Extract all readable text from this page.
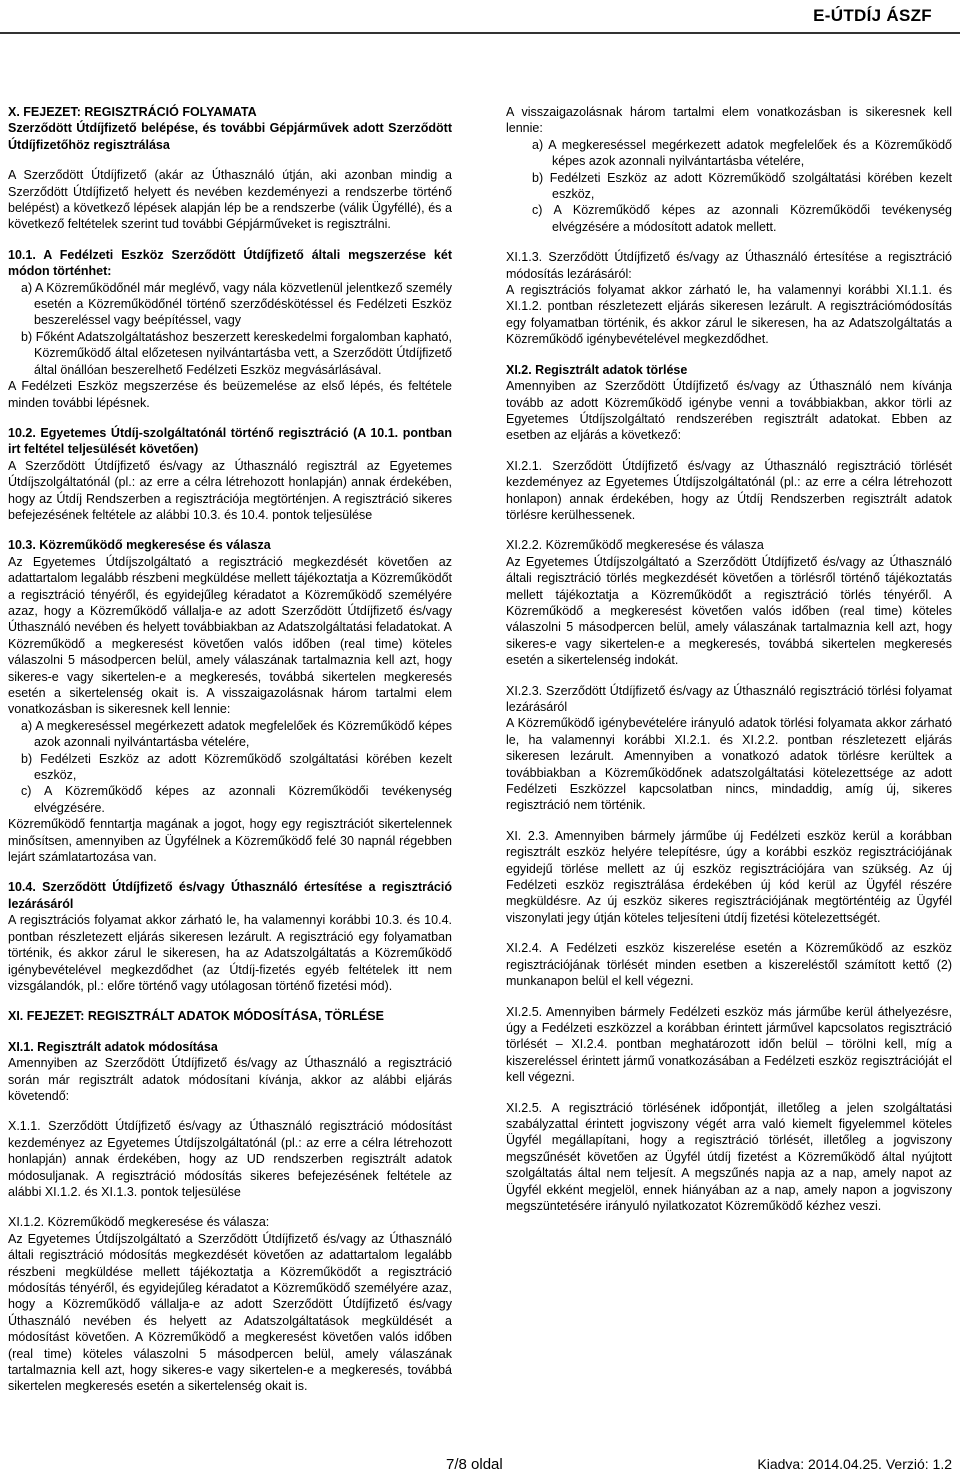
E-ÚTDÍJ ÁSZF

X. FEJEZET: REGISZTRÁCIÓ FOLYAMATA

Szerződött Útdíjfizető belépése, és további Gépjárművek adott Szerződött Útdíjfizetőhöz regisztrálása

A Szerződött Útdíjfizető (akár az Úthasználó útján, aki azonban mindig a Szerződött Útdíjfizető helyett és nevében kezdeményezi a rendszerbe történő belépést) a következő lépések alapján lép be a rendszerbe (válik Ügyféllé), és a következő feltételek szerint tud további Gépjárműveket is regisztrálni.

10.1. A Fedélzeti Eszköz Szerződött Útdíjfizető általi megszerzése két módon történhet:

a) A Közreműködőnél már meglévő, vagy nála közvetlenül jelentkező személy esetén a Közreműködőnél történő szerződéskötéssel és Fedélzeti Eszköz beszereléssel vagy beépítéssel, vagy

b) Főként Adatszolgáltatáshoz beszerzett kereskedelmi forgalomban kapható, Közreműködő által előzetesen nyilvántartásba vett, a Szerződött Útdíjfizető által önállóan beszerelhető Fedélzeti Eszköz megvásárlásával.

A Fedélzeti Eszköz megszerzése és beüzemelése az első lépés, és feltétele minden további lépésnek.

10.2. Egyetemes Útdíj-szolgáltatónál történő regisztráció (A 10.1. pontban irt feltétel teljesülését követően)

A Szerződött Útdíjfizető és/vagy az Úthasználó regisztrál az Egyetemes Útdíjszolgáltatónál (pl.: az erre a célra létrehozott honlapján) annak érdekében, hogy az Útdíj Rendszerben a regisztrációja megtörténjen. A regisztráció sikeres befejezésének feltétele az alábbi 10.3. és 10.4. pontok teljesülése

10.3. Közreműködő megkeresése és válasza

Az Egyetemes Útdíjszolgáltató a regisztráció megkezdését követően az adattartalom legalább részbeni megküldése mellett tájékoztatja a Közreműködőt a regisztráció tényéről, és egyidejűleg kéradatot a Közreműködő személyére azaz, hogy a Közreműködő vállalja-e az adott Szerződött Útdíjfizető és/vagy Úthasználó nevében és helyett továbbiakban az Adatszolgáltatási feladatokat. A Közreműködő a megkeresést követően valós időben (real time) köteles válaszolni 5 másodpercen belül, amely válaszának tartalmaznia kell azt, hogy sikeres-e vagy sikertelen-e a megkeresés, továbbá sikertelen megkeresés esetén a sikertelenség okait is. A visszaigazolásnak három tartalmi elem vonatkozásban is sikeresnek kell lennie:

a) A megkereséssel megérkezett adatok megfelelőek és Közreműködő képes azok azonnali nyilvántartásba vételére,

b) Fedélzeti Eszköz az adott Közreműködő szolgáltatási körében kezelt eszköz,

c) A Közreműködő képes az azonnali Közreműködői tevékenység elvégzésére.

Közreműködő fenntartja magának a jogot, hogy egy regisztrációt sikertelennek minősítsen, amennyiben az Ügyfélnek a Közreműködő felé 30 napnál régebben lejárt számlatartozása van.

10.4. Szerződött Útdíjfizető és/vagy Úthasználó értesítése a regisztráció lezárásáról

A regisztrációs folyamat akkor zárható le, ha valamennyi korábbi 10.3. és 10.4. pontban részletezett eljárás sikeresen lezárult. A regisztráció egy folyamatban történik, és akkor zárul le sikeresen, ha az Adatszolgáltatás a Közreműködő igénybevételével megkezdődhet (az Útdíj-fizetés egyéb feltételek itt nem vizsgálandók, pl.: előre történő vagy utólagosan történő fizetési mód).

XI. FEJEZET: REGISZTRÁLT ADATOK MÓDOSÍTÁSA, TÖRLÉSE

XI.1. Regisztrált adatok módosítása

Amennyiben az Szerződött Útdíjfizető és/vagy az Úthasználó a regisztráció során már regisztrált adatok módosítani kívánja, akkor az alábbi eljárás követendő:

X.1.1. Szerződött Útdíjfizető és/vagy az Úthasználó regisztráció módosítást kezdeményez az Egyetemes Útdíjszolgáltatónál (pl.: az erre a célra létrehozott honlapján) annak érdekében, hogy az UD rendszerben regisztrált adatok módosuljanak. A regisztráció módosítás sikeres befejezésének feltétele az alábbi XI.1.2. és XI.1.3. pontok teljesülése

XI.1.2. Közreműködő megkeresése és válasza:

Az Egyetemes Útdíjszolgáltató a Szerződött Útdíjfizető és/vagy az Úthasználó általi regisztráció módosítás megkezdését követően az adattartalom legalább részbeni megküldése mellett tájékoztatja a Közreműködőt a regisztráció módosítás tényéről, és egyidejűleg kéradatot a Közreműködő személyére azaz, hogy a Közreműködő vállalja-e az adott Szerződött Útdíjfizető és/vagy Úthasználó nevében és helyett az Adatszolgáltatások megküldését a módosítást követően. A Közreműködő a megkeresést követően valós időben (real time) köteles válaszolni 5 másodpercen belül, amely válaszának tartalmaznia kell azt, hogy sikeres-e vagy sikertelen-e a megkeresés, továbbá sikertelen megkeresés esetén a sikertelenség okait is.

A visszaigazolásnak három tartalmi elem vonatkozásban is sikeresnek kell lennie:

a) A megkereséssel megérkezett adatok megfelelőek és a Közreműködő képes azok azonnali nyilvántartásba vételére,

b) Fedélzeti Eszköz az adott Közreműködő szolgáltatási körében kezelt eszköz,

c) A Közreműködő képes az azonnali Közreműködői tevékenység elvégzésére a módosított adatok mellett.

XI.1.3. Szerződött Útdíjfizető és/vagy az Úthasználó értesítése a regisztráció módosítás lezárásáról:

A regisztrációs folyamat akkor zárható le, ha valamennyi korábbi XI.1.1. és XI.1.2. pontban részletezett eljárás sikeresen lezárult. A regisztrációmódosítás egy folyamatban történik, és akkor zárul le sikeresen, ha az Adatszolgáltatás a Közreműködő igénybevételével megkezdődhet.

XI.2. Regisztrált adatok törlése

Amennyiben az Szerződött Útdíjfizető és/vagy az Úthasználó nem kívánja tovább az adott Közreműködő igénybe venni a továbbiakban, akkor törli az Egyetemes Útdíjszolgáltató rendszerében regisztrált adatokat. Ebben az esetben az eljárás a következő:

XI.2.1. Szerződött Útdíjfizető és/vagy az Úthasználó regisztráció törlését kezdeményez az Egyetemes Útdíjszolgáltatónál (pl.: az erre a célra létrehozott honlapon) annak érdekében, hogy az Útdíj Rendszerben regisztrált adatok törlésre kerülhessenek.

XI.2.2. Közreműködő megkeresése és válasza

Az Egyetemes Útdíjszolgáltató a Szerződött Útdíjfizető és/vagy az Úthasználó általi regisztráció törlés megkezdését követően a törlésről történő tájékoztatás mellett tájékoztatja a Közreműködőt a regisztráció törlés tényéről. A Közreműködő a megkeresést követően valós időben (real time) köteles válaszolni 5 másodpercen belül, amely válaszának tartalmaznia kell azt, hogy sikeres-e vagy sikertelen-e a megkeresés, továbbá sikertelen megkeresés esetén a sikertelenség indokát.

XI.2.3. Szerződött Útdíjfizető és/vagy az Úthasználó regisztráció törlési folyamat lezárásáról

A Közreműködő igénybevételére irányuló adatok törlési folyamata akkor zárható le, ha valamennyi korábbi XI.2.1. és XI.2.2. pontban részletezett eljárás sikeresen lezárult. Amennyiben a vonatkozó adatok törlésre kerültek a továbbiakban a Közreműködőnek adatszolgáltatási kötelezettsége az adott Fedélzeti Eszközzel kapcsolatban nincs, mindaddig, amíg új, sikeres regisztráció nem történik.

XI. 2.3. Amennyiben bármely járműbe új Fedélzeti eszköz kerül a korábban regisztrált eszköz helyére telepítésre, úgy a korábbi eszköz regisztrációjának egyidejű törlése mellett az új eszköz regisztrációjára van szükség. Az új Fedélzeti eszköz regisztrálása érdekében új kód kerül az Ügyfél részére megküldésre. Az új eszköz sikeres regisztrációjának megtörténtéig az Ügyfél viszonylati jegy útján köteles teljesíteni útdíj fizetési kötelezettségét.

XI.2.4. A Fedélzeti eszköz kiszerelése esetén a Közreműködő az eszköz regisztrációjának törlését minden esetben a kiszereléstől számított kettő (2) munkanapon belül el kell végezni.

XI.2.5. Amennyiben bármely Fedélzeti eszköz más járműbe kerül áthelyezésre, úgy a Fedélzeti eszközzel a korábban érintett járművel kapcsolatos regisztráció törlését – XI.2.4. pontban meghatározott időn belül – törölni kell, míg a kiszereléssel érintett jármű vonatkozásában a Fedélzeti eszköz regisztrációját el kell végezni.

XI.2.5. A regisztráció törlésének időpontját, illetőleg a jelen szolgáltatási szabályzattal érintett jogviszony végét arra való kiemelt figyelemmel köteles Ügyfél megállapítani, hogy a regisztráció törlését, illetőleg a jogviszony megszűnését követően az Ügyfél útdíj fizetést a Közreműködő által nyújtott szolgáltatás által nem teljesít. A megszűnés napja az a nap, amely napot az Ügyfél ekként megjelöl, ennek hiányában az a nap, amely napon a jogviszony megszüntetésére irányuló nyilatkozatot Közreműködő kézhez veszi.

7/8 oldal	Kiadva: 2014.04.25. Verzió: 1.2
